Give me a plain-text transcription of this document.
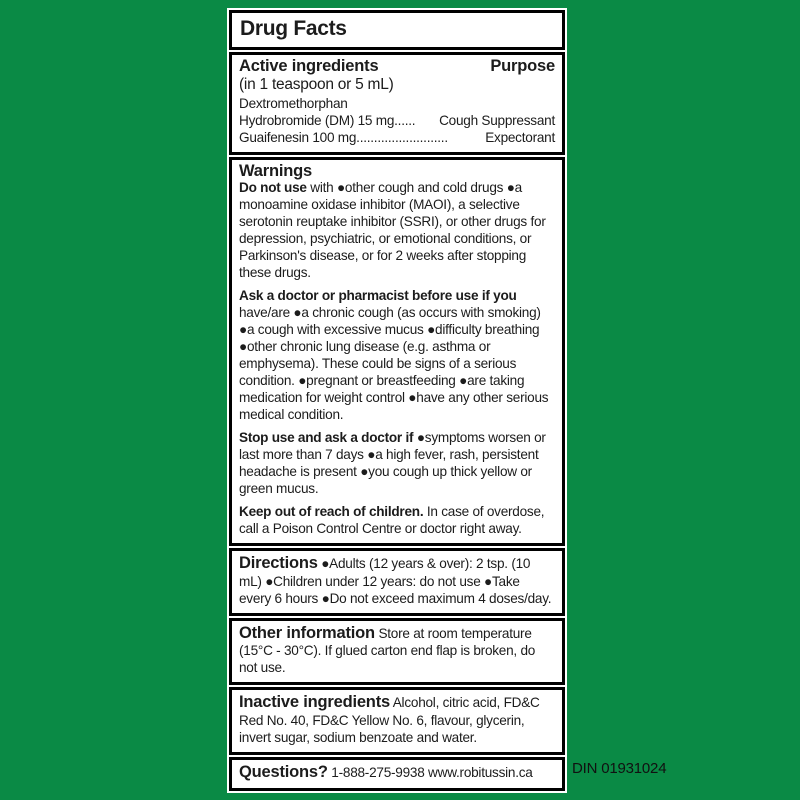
Drug Facts
Active ingredients	Purpose
(in 1 teaspoon or 5 mL)
Dextromethorphan
Hydrobromide (DM) 15 mg...... Cough Suppressant
Guaifenesin 100 mg..........................	Expectorant
Warnings

Do not use with ●other cough and cold drugs ●a monoamine oxidase inhibitor (MAOI), a selective serotonin reuptake inhibitor (SSRI), or other drugs for depression, psychiatric, or emotional conditions, or Parkinson's disease, or for 2 weeks after stopping these drugs.

Ask a doctor or pharmacist before use if you have/are ●a chronic cough (as occurs with smoking) ●a cough with excessive mucus ●difficulty breathing ●other chronic lung disease (e.g. asthma or emphysema). These could be signs of a serious condition. ●pregnant or breastfeeding ●are taking medication for weight control ●have any other serious medical condition.

Stop use and ask a doctor if ●symptoms worsen or last more than 7 days ●a high fever, rash, persistent headache is present ●you cough up thick yellow or green mucus.

Keep out of reach of children. In case of overdose, call a Poison Control Centre or doctor right away.

Directions ●Adults (12 years & over): 2 tsp. (10 mL) ●Children under 12 years: do not use ●Take every 6 hours ●Do not exceed maximum 4 doses/day.

Other information Store at room temperature (15°C - 30°C). If glued carton end flap is broken, do not use.

Inactive ingredients Alcohol, citric acid, FD&C Red No. 40, FD&C Yellow No. 6, flavour, glycerin, invert sugar, sodium benzoate and water.

Questions? 1-888-275-9938 www.robitussin.ca	DIN 01931024
